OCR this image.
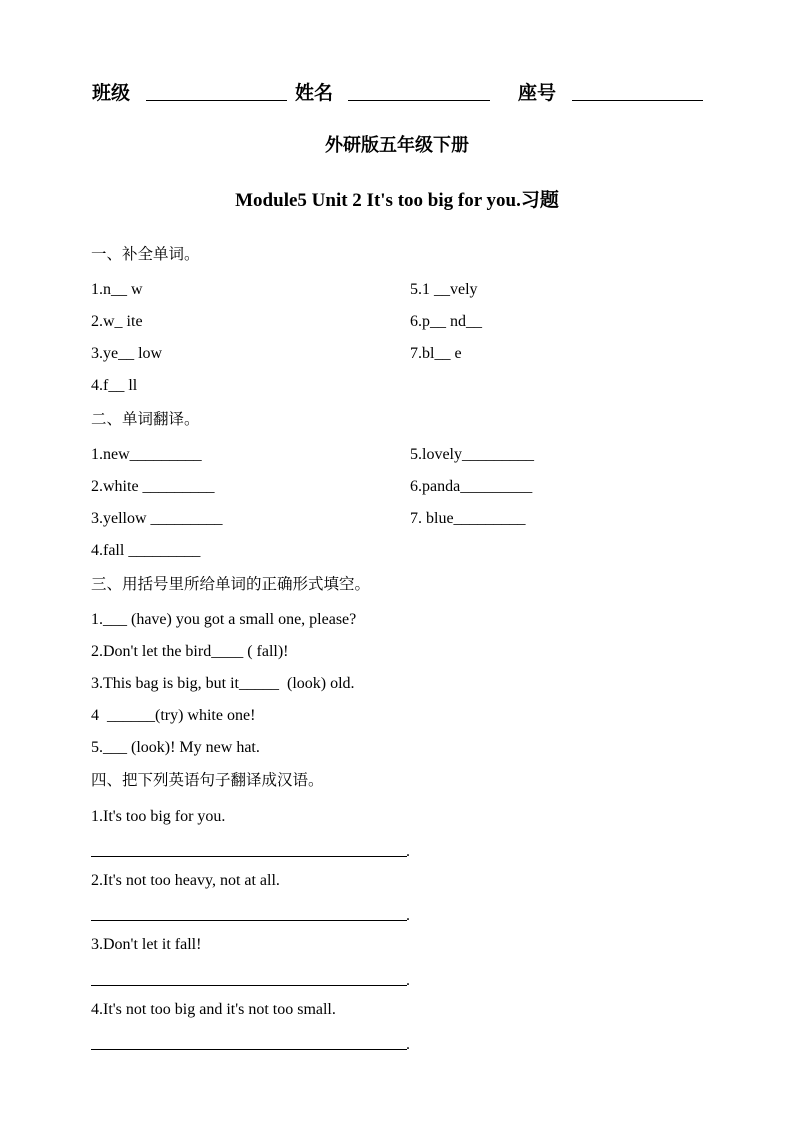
班级	姓名	座号
外研版五年级下册
Module5 Unit 2 It's too big for you.习题
一、补全单词。
1.n__ w
2.w_ ite
3.ye__ low
4.f__ ll
5.1 __vely
6.p__ nd__
7.bl__ e
二、单词翻译。
1.new_________
2.white _________
3.yellow _________
4.fall _________
5.lovely_________
6.panda_________
7. blue_________
三、用括号里所给单词的正确形式填空。
1.___ (have) you got a small one, please?
2.Don't let the bird____ ( fall)!
3.This bag is big, but it_____  (look) old.
4  ______(try) white one!
5.___ (look)! My new hat.
四、把下列英语句子翻译成汉语。
1.It's too big for you.
.
2.It's not too heavy, not at all.
.
3.Don't let it fall!
.
4.It's not too big and it's not too small.
.
